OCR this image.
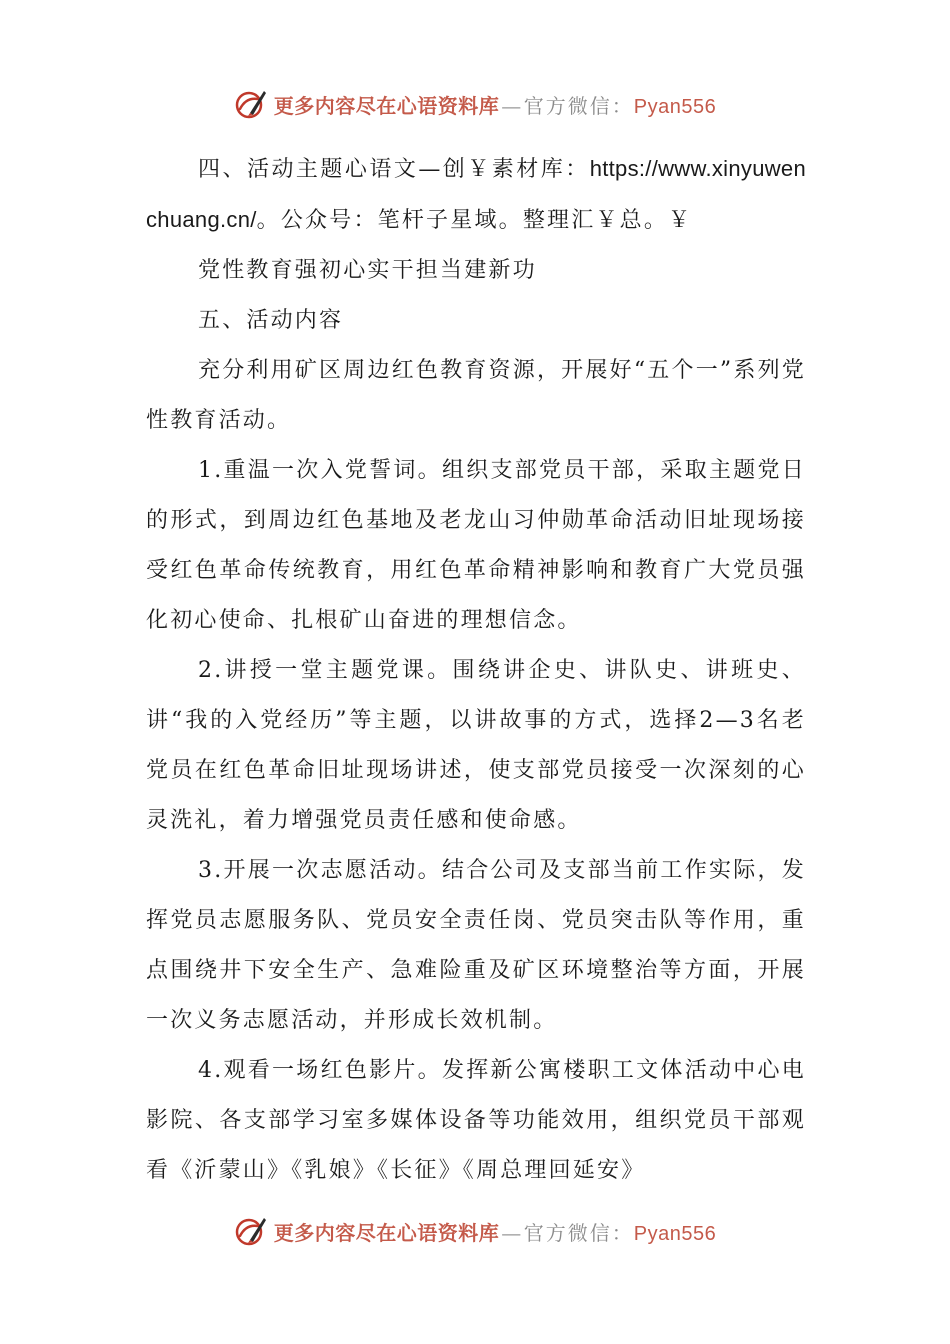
更多内容尽在心语资料库 — 官方微信：Pyan556

四、活动主题心语文—创￥素材库：https://www.xinyuwenchuang.cn/。公众号：笔杆子星域。整理汇￥总。￥

党性教育强初心实干担当建新功

五、活动内容

充分利用矿区周边红色教育资源，开展好“五个一”系列党性教育活动。

1.重温一次入党誓词。组织支部党员干部，采取主题党日的形式，到周边红色基地及老龙山习仲勋革命活动旧址现场接受红色革命传统教育，用红色革命精神影响和教育广大党员强化初心使命、扎根矿山奋进的理想信念。

2.讲授一堂主题党课。围绕讲企史、讲队史、讲班史、讲“我的入党经历”等主题，以讲故事的方式，选择2—3名老党员在红色革命旧址现场讲述，使支部党员接受一次深刻的心灵洗礼，着力增强党员责任感和使命感。

3.开展一次志愿活动。结合公司及支部当前工作实际，发挥党员志愿服务队、党员安全责任岗、党员突击队等作用，重点围绕井下安全生产、急难险重及矿区环境整治等方面，开展一次义务志愿活动，并形成长效机制。

4.观看一场红色影片。发挥新公寓楼职工文体活动中心电影院、各支部学习室多媒体设备等功能效用，组织党员干部观看《沂蒙山》《乳娘》《长征》《周总理回延安》

更多内容尽在心语资料库 — 官方微信：Pyan556
